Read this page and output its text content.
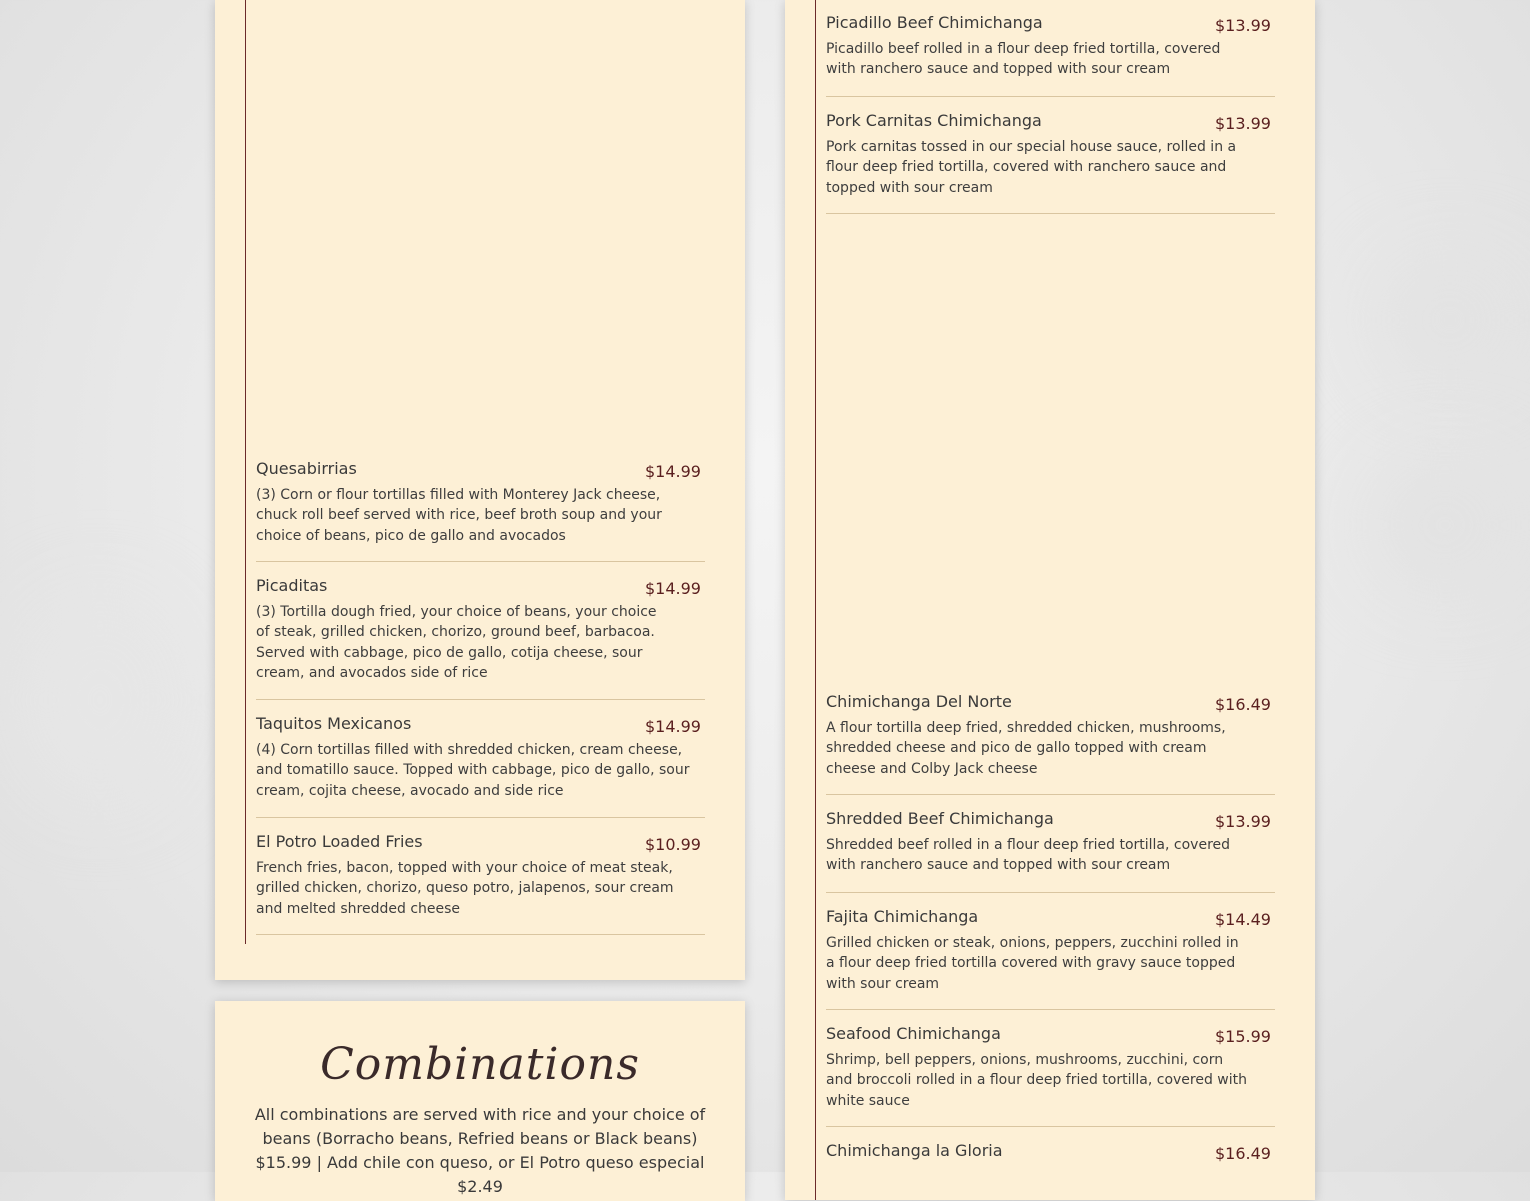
Quesabirrias	$14.99
(3) Corn or flour tortillas filled with Monterey Jack cheese, chuck roll beef served with rice, beef broth soup and your choice of beans, pico de gallo and avocados
Picaditas	$14.99
(3) Tortilla dough fried, your choice of beans, your choice of steak, grilled chicken, chorizo, ground beef, barbacoa. Served with cabbage, pico de gallo, cotija cheese, sour cream, and avocados side of rice
Taquitos Mexicanos	$14.99
(4) Corn tortillas filled with shredded chicken, cream cheese, and tomatillo sauce. Topped with cabbage, pico de gallo, sour cream, cojita cheese, avocado and side rice
El Potro Loaded Fries	$10.99
French fries, bacon, topped with your choice of meat steak, grilled chicken, chorizo, queso potro, jalapenos, sour cream and melted shredded cheese
Combinations
All combinations are served with rice and your choice of beans (Borracho beans, Refried beans or Black beans) $15.99 | Add chile con queso, or El Potro queso especial $2.49
Picadillo Beef Chimichanga	$13.99
Picadillo beef rolled in a flour deep fried tortilla, covered with ranchero sauce and topped with sour cream
Pork Carnitas Chimichanga	$13.99
Pork carnitas tossed in our special house sauce, rolled in a flour deep fried tortilla, covered with ranchero sauce and topped with sour cream
Chimichanga Del Norte	$16.49
A flour tortilla deep fried, shredded chicken, mushrooms, shredded cheese and pico de gallo topped with cream cheese and Colby Jack cheese
Shredded Beef Chimichanga	$13.99
Shredded beef rolled in a flour deep fried tortilla, covered with ranchero sauce and topped with sour cream
Fajita Chimichanga	$14.49
Grilled chicken or steak, onions, peppers, zucchini rolled in a flour deep fried tortilla covered with gravy sauce topped with sour cream
Seafood Chimichanga	$15.99
Shrimp, bell peppers, onions, mushrooms, zucchini, corn and broccoli rolled in a flour deep fried tortilla, covered with white sauce
Chimichanga la Gloria	$16.49
